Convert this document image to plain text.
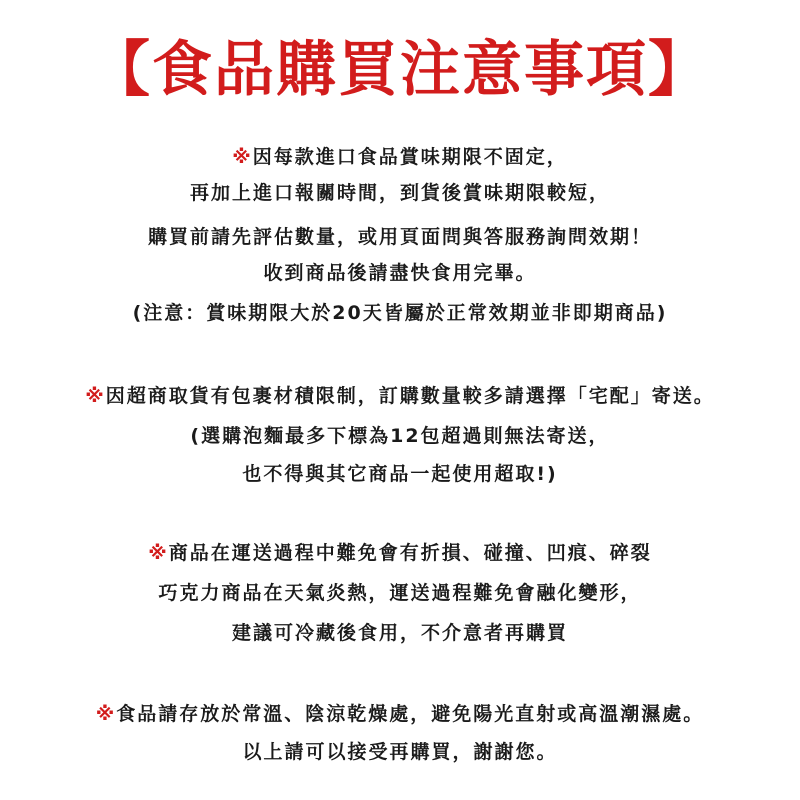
【食品購買注意事項】
※因每款進口食品賞味期限不固定，
再加上進口報關時間，到貨後賞味期限較短，
購買前請先評估數量，或用頁面問與答服務詢問效期！
收到商品後請盡快食用完畢。
(注意：賞味期限大於20天皆屬於正常效期並非即期商品)
※因超商取貨有包裹材積限制，訂購數量較多請選擇「宅配」寄送。
(選購泡麵最多下標為12包超過則無法寄送，
也不得與其它商品一起使用超取!)
※商品在運送過程中難免會有折損、碰撞、凹痕、碎裂
巧克力商品在天氣炎熱，運送過程難免會融化變形，
建議可冷藏後食用，不介意者再購買
※食品請存放於常溫、陰涼乾燥處，避免陽光直射或高溫潮濕處。
以上請可以接受再購買，謝謝您。
